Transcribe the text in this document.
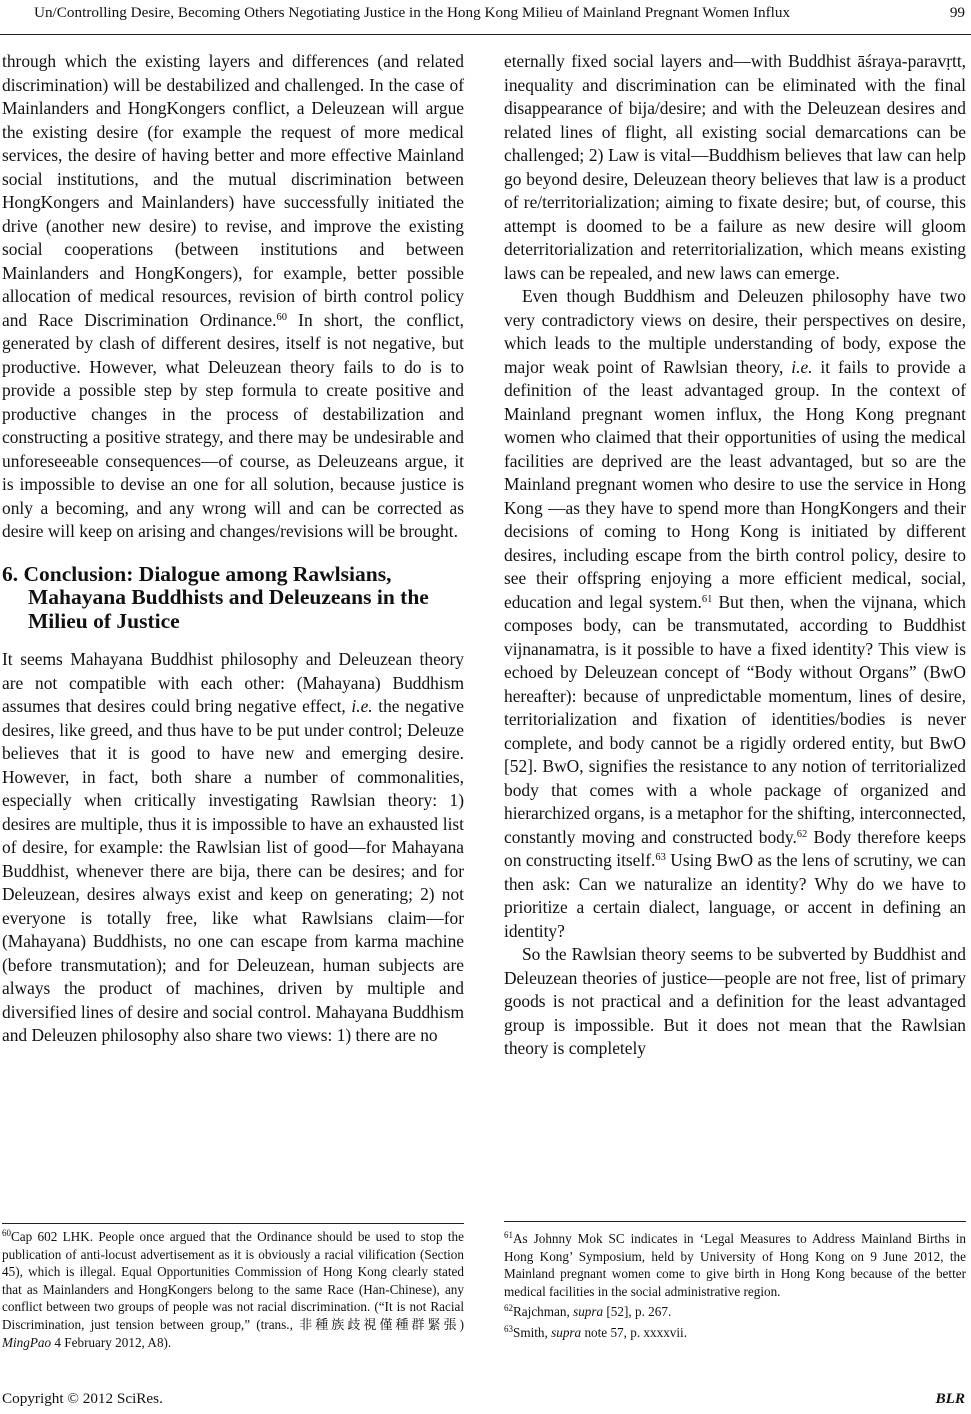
Un/Controlling Desire, Becoming Others Negotiating Justice in the Hong Kong Milieu of Mainland Pregnant Women Influx	99

through which the existing layers and differences (and related discrimination) will be destabilized and challenged. In the case of Mainlanders and HongKongers conflict, a Deleuzean will argue the existing desire (for example the request of more medical services, the desire of having better and more effective Mainland social institutions, and the mutual discrimination between HongKongers and Mainlanders) have successfully initiated the drive (another new desire) to revise, and improve the existing social cooperations (between institutions and between Mainlanders and HongKongers), for example, better possible allocation of medical resources, revision of birth control policy and Race Discrimination Ordinance.$^{60}$ In short, the conflict, generated by clash of different desires, itself is not negative, but productive. However, what Deleuzean theory fails to do is to provide a possible step by step formula to create positive and productive changes in the process of destabilization and constructing a positive strategy, and there may be undesirable and unforeseeable consequences—of course, as Deleuzeans argue, it is impossible to devise an one for all solution, because justice is only a becoming, and any wrong will and can be corrected as desire will keep on arising and changes/revisions will be brought.

6. Conclusion: Dialogue among Rawlsians, Mahayana Buddhists and Deleuzeans in the Milieu of Justice

It seems Mahayana Buddhist philosophy and Deleuzean theory are not compatible with each other: (Mahayana) Buddhism assumes that desires could bring negative effect, i.e. the negative desires, like greed, and thus have to be put under control; Deleuze believes that it is good to have new and emerging desire. However, in fact, both share a number of commonalities, especially when critically investigating Rawlsian theory: 1) desires are multiple, thus it is impossible to have an exhausted list of desire, for example: the Rawlsian list of good—for Mahayana Buddhist, whenever there are bija, there can be desires; and for Deleuzean, desires always exist and keep on generating; 2) not everyone is totally free, like what Rawlsians claim—for (Mahayana) Buddhists, no one can escape from karma machine (before transmutation); and for Deleuzean, human subjects are always the product of machines, driven by multiple and diversified lines of desire and social control. Mahayana Buddhism and Deleuzen philosophy also share two views: 1) there are no

$^{60}$Cap 602 LHK. People once argued that the Ordinance should be used to stop the publication of anti-locust advertisement as it is obviously a racial vilification (Section 45), which is illegal. Equal Opportunities Commission of Hong Kong clearly stated that as Mainlanders and HongKongers belong to the same Race (Han-Chinese), any conflict between two groups of people was not racial discrimination. (“It is not Racial Discrimination, just tension between group,” (trans., 非種族歧視僅種群緊張) MingPao 4 February 2012, A8).

eternally fixed social layers and—with Buddhist āśraya-paravṛtt, inequality and discrimination can be eliminated with the final disappearance of bija/desire; and with the Deleuzean desires and related lines of flight, all existing social demarcations can be challenged; 2) Law is vital—Buddhism believes that law can help go beyond desire, Deleuzean theory believes that law is a product of re/territorialization; aiming to fixate desire; but, of course, this attempt is doomed to be a failure as new desire will gloom deterritorialization and reterritorialization, which means existing laws can be repealed, and new laws can emerge.

Even though Buddhism and Deleuzen philosophy have two very contradictory views on desire, their perspectives on desire, which leads to the multiple understanding of body, expose the major weak point of Rawlsian theory, i.e. it fails to provide a definition of the least advantaged group. In the context of Mainland pregnant women influx, the Hong Kong pregnant women who claimed that their opportunities of using the medical facilities are deprived are the least advantaged, but so are the Mainland pregnant women who desire to use the service in Hong Kong —as they have to spend more than HongKongers and their decisions of coming to Hong Kong is initiated by different desires, including escape from the birth control policy, desire to see their offspring enjoying a more efficient medical, social, education and legal system.$^{61}$ But then, when the vijnana, which composes body, can be transmutated, according to Buddhist vijnanamatra, is it possible to have a fixed identity? This view is echoed by Deleuzean concept of “Body without Organs” (BwO hereafter): because of unpredictable momentum, lines of desire, territorialization and fixation of identities/bodies is never complete, and body cannot be a rigidly ordered entity, but BwO [52]. BwO, signifies the resistance to any notion of territorialized body that comes with a whole package of organized and hierarchized organs, is a metaphor for the shifting, interconnected, constantly moving and constructed body.$^{62}$ Body therefore keeps on constructing itself.$^{63}$ Using BwO as the lens of scrutiny, we can then ask: Can we naturalize an identity? Why do we have to prioritize a certain dialect, language, or accent in defining an identity?

So the Rawlsian theory seems to be subverted by Buddhist and Deleuzean theories of justice—people are not free, list of primary goods is not practical and a definition for the least advantaged group is impossible. But it does not mean that the Rawlsian theory is completely

$^{61}$As Johnny Mok SC indicates in ‘Legal Measures to Address Mainland Births in Hong Kong’ Symposium, held by University of Hong Kong on 9 June 2012, the Mainland pregnant women come to give birth in Hong Kong because of the better medical facilities in the social administrative region.
$^{62}$Rajchman, supra [52], p. 267.
$^{63}$Smith, supra note 57, p. xxxxvii.
Copyright © 2012 SciRes.	BLR
